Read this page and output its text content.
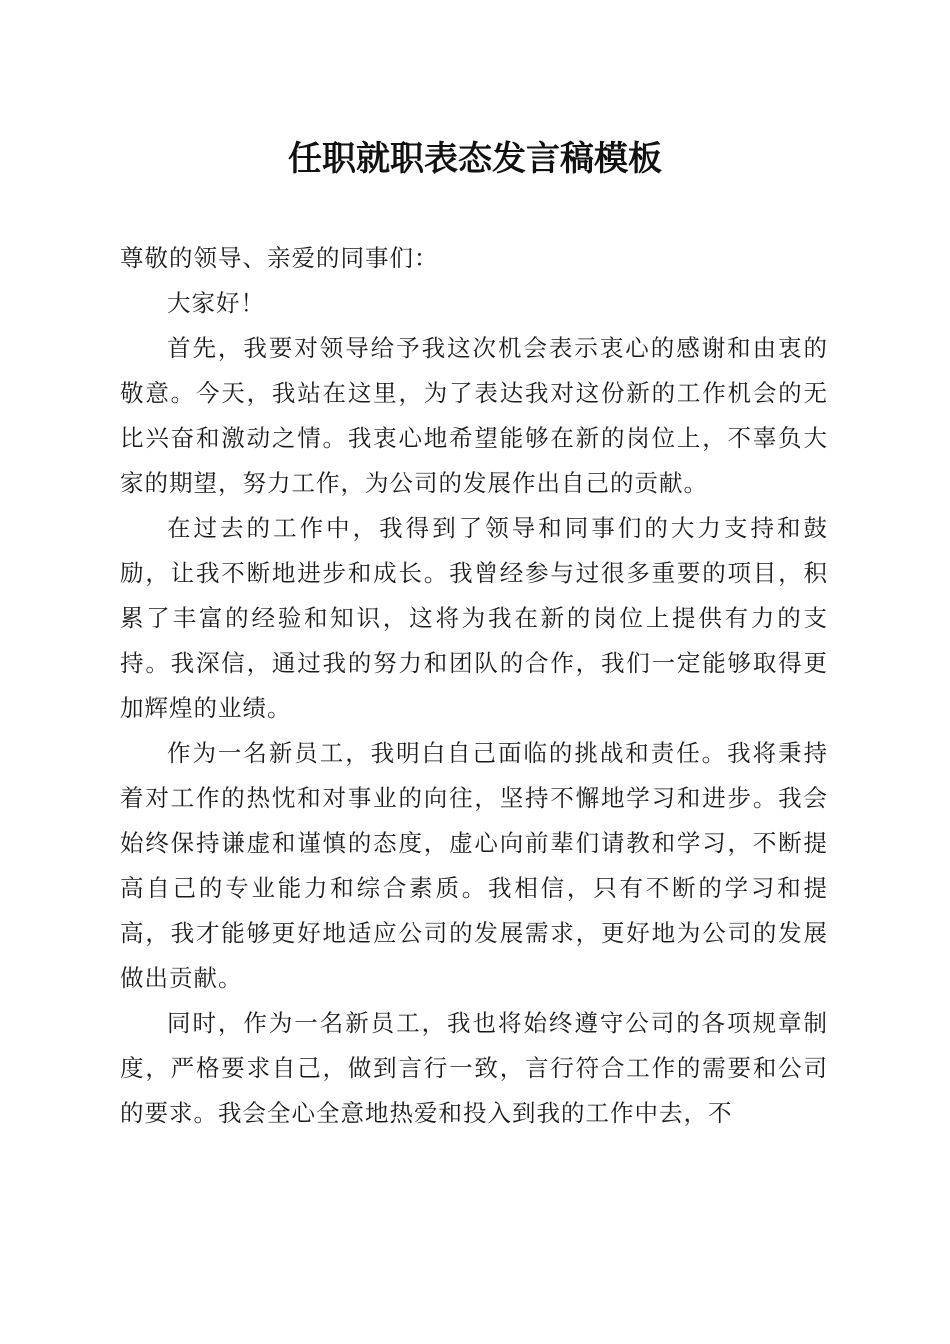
任职就职表态发言稿模板

尊敬的领导、亲爱的同事们：

大家好！

首先，我要对领导给予我这次机会表示衷心的感谢和由衷的敬意。今天，我站在这里，为了表达我对这份新的工作机会的无比兴奋和激动之情。我衷心地希望能够在新的岗位上，不辜负大家的期望，努力工作，为公司的发展作出自己的贡献。

在过去的工作中，我得到了领导和同事们的大力支持和鼓励，让我不断地进步和成长。我曾经参与过很多重要的项目，积累了丰富的经验和知识，这将为我在新的岗位上提供有力的支持。我深信，通过我的努力和团队的合作，我们一定能够取得更加辉煌的业绩。

作为一名新员工，我明白自己面临的挑战和责任。我将秉持着对工作的热忱和对事业的向往，坚持不懈地学习和进步。我会始终保持谦虚和谨慎的态度，虚心向前辈们请教和学习，不断提高自己的专业能力和综合素质。我相信，只有不断的学习和提高，我才能够更好地适应公司的发展需求，更好地为公司的发展做出贡献。

同时，作为一名新员工，我也将始终遵守公司的各项规章制度，严格要求自己，做到言行一致，言行符合工作的需要和公司的要求。我会全心全意地热爱和投入到我的工作中去，不
